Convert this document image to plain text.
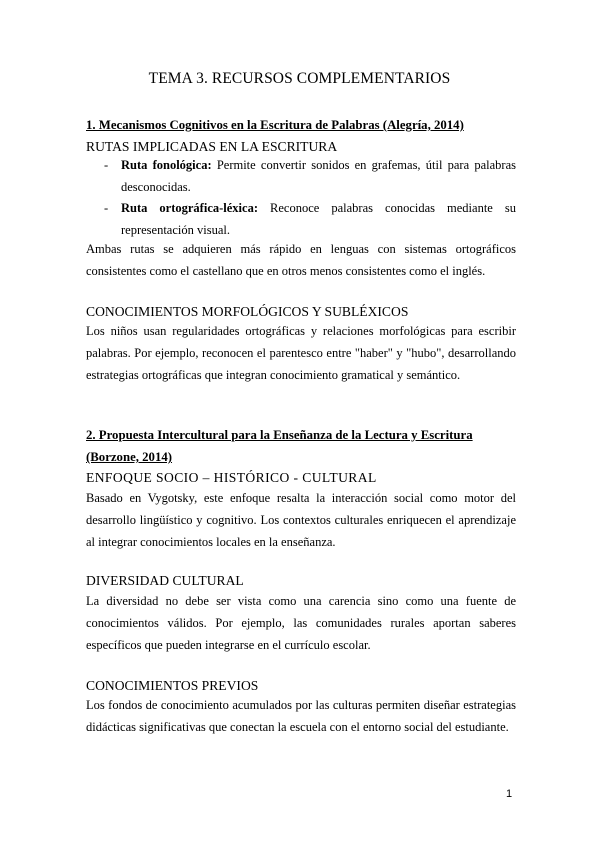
TEMA 3. RECURSOS COMPLEMENTARIOS
1. Mecanismos Cognitivos en la Escritura de Palabras (Alegría, 2014)
RUTAS IMPLICADAS EN LA ESCRITURA
- Ruta fonológica: Permite convertir sonidos en grafemas, útil para palabras desconocidas.
- Ruta ortográfica-léxica: Reconoce palabras conocidas mediante su representación visual.
Ambas rutas se adquieren más rápido en lenguas con sistemas ortográficos consistentes como el castellano que en otros menos consistentes como el inglés.
CONOCIMIENTOS MORFOLÓGICOS Y SUBLÉXICOS
Los niños usan regularidades ortográficas y relaciones morfológicas para escribir palabras. Por ejemplo, reconocen el parentesco entre "haber" y "hubo", desarrollando estrategias ortográficas que integran conocimiento gramatical y semántico.
2. Propuesta Intercultural para la Enseñanza de la Lectura y Escritura (Borzone, 2014)
ENFOQUE SOCIO – HISTÓRICO - CULTURAL
Basado en Vygotsky, este enfoque resalta la interacción social como motor del desarrollo lingüístico y cognitivo. Los contextos culturales enriquecen el aprendizaje al integrar conocimientos locales en la enseñanza.
DIVERSIDAD CULTURAL
La diversidad no debe ser vista como una carencia sino como una fuente de conocimientos válidos. Por ejemplo, las comunidades rurales aportan saberes específicos que pueden integrarse en el currículo escolar.
CONOCIMIENTOS PREVIOS
Los fondos de conocimiento acumulados por las culturas permiten diseñar estrategias didácticas significativas que conectan la escuela con el entorno social del estudiante.
1
